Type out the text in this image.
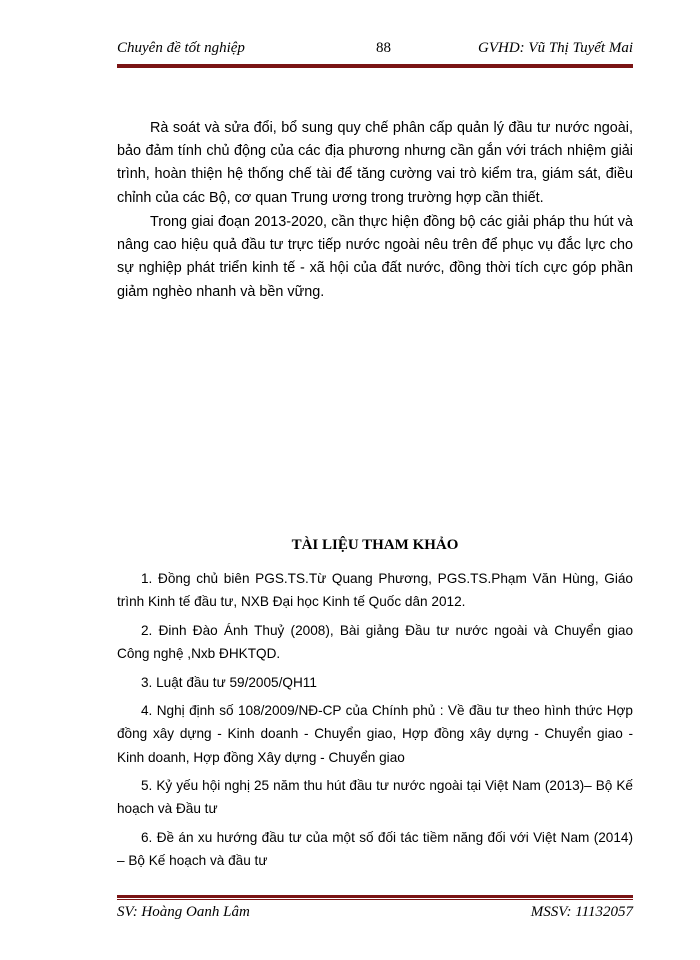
Chuyên đề tốt nghiệp	88	GVHD: Vũ Thị Tuyết Mai

Rà soát và sửa đổi, bổ sung quy chế phân cấp quản lý đầu tư nước ngoài, bảo đảm tính chủ động của các địa phương nhưng cần gắn với trách nhiệm giải trình, hoàn thiện hệ thống chế tài để tăng cường vai trò kiểm tra, giám sát, điều chỉnh của các Bộ, cơ quan Trung ương trong trường hợp cần thiết.

Trong giai đoạn 2013-2020, cần thực hiện đồng bộ các giải pháp thu hút và nâng cao hiệu quả đầu tư trực tiếp nước ngoài nêu trên để phục vụ đắc lực cho sự nghiệp phát triển kinh tế - xã hội của đất nước, đồng thời tích cực góp phần giảm nghèo nhanh và bền vững.

TÀI LIỆU THAM KHẢO
1. Đồng chủ biên PGS.TS.Từ Quang Phương, PGS.TS.Phạm Văn Hùng, Giáo trình Kinh tế đầu tư, NXB Đại học Kinh tế Quốc dân 2012.
2. Đinh Đào Ánh Thuỷ (2008), Bài giảng Đầu tư nước ngoài và Chuyển giao Công nghệ ,Nxb ĐHKTQD.
3. Luật đầu tư 59/2005/QH11
4. Nghị định số 108/2009/NĐ-CP của Chính phủ : Về đầu tư theo hình thức Hợp đồng xây dựng - Kinh doanh - Chuyển giao, Hợp đồng xây dựng - Chuyển giao - Kinh doanh, Hợp đồng Xây dựng - Chuyển giao
5. Kỷ yếu hội nghị 25 năm thu hút đầu tư nước ngoài tại Việt Nam (2013)– Bộ Kế hoạch và Đầu tư
6. Đề án xu hướng đầu tư của một số đối tác tiềm năng đối với Việt Nam (2014) – Bộ Kế hoạch và đầu tư
SV: Hoàng Oanh Lâm	MSSV: 11132057
